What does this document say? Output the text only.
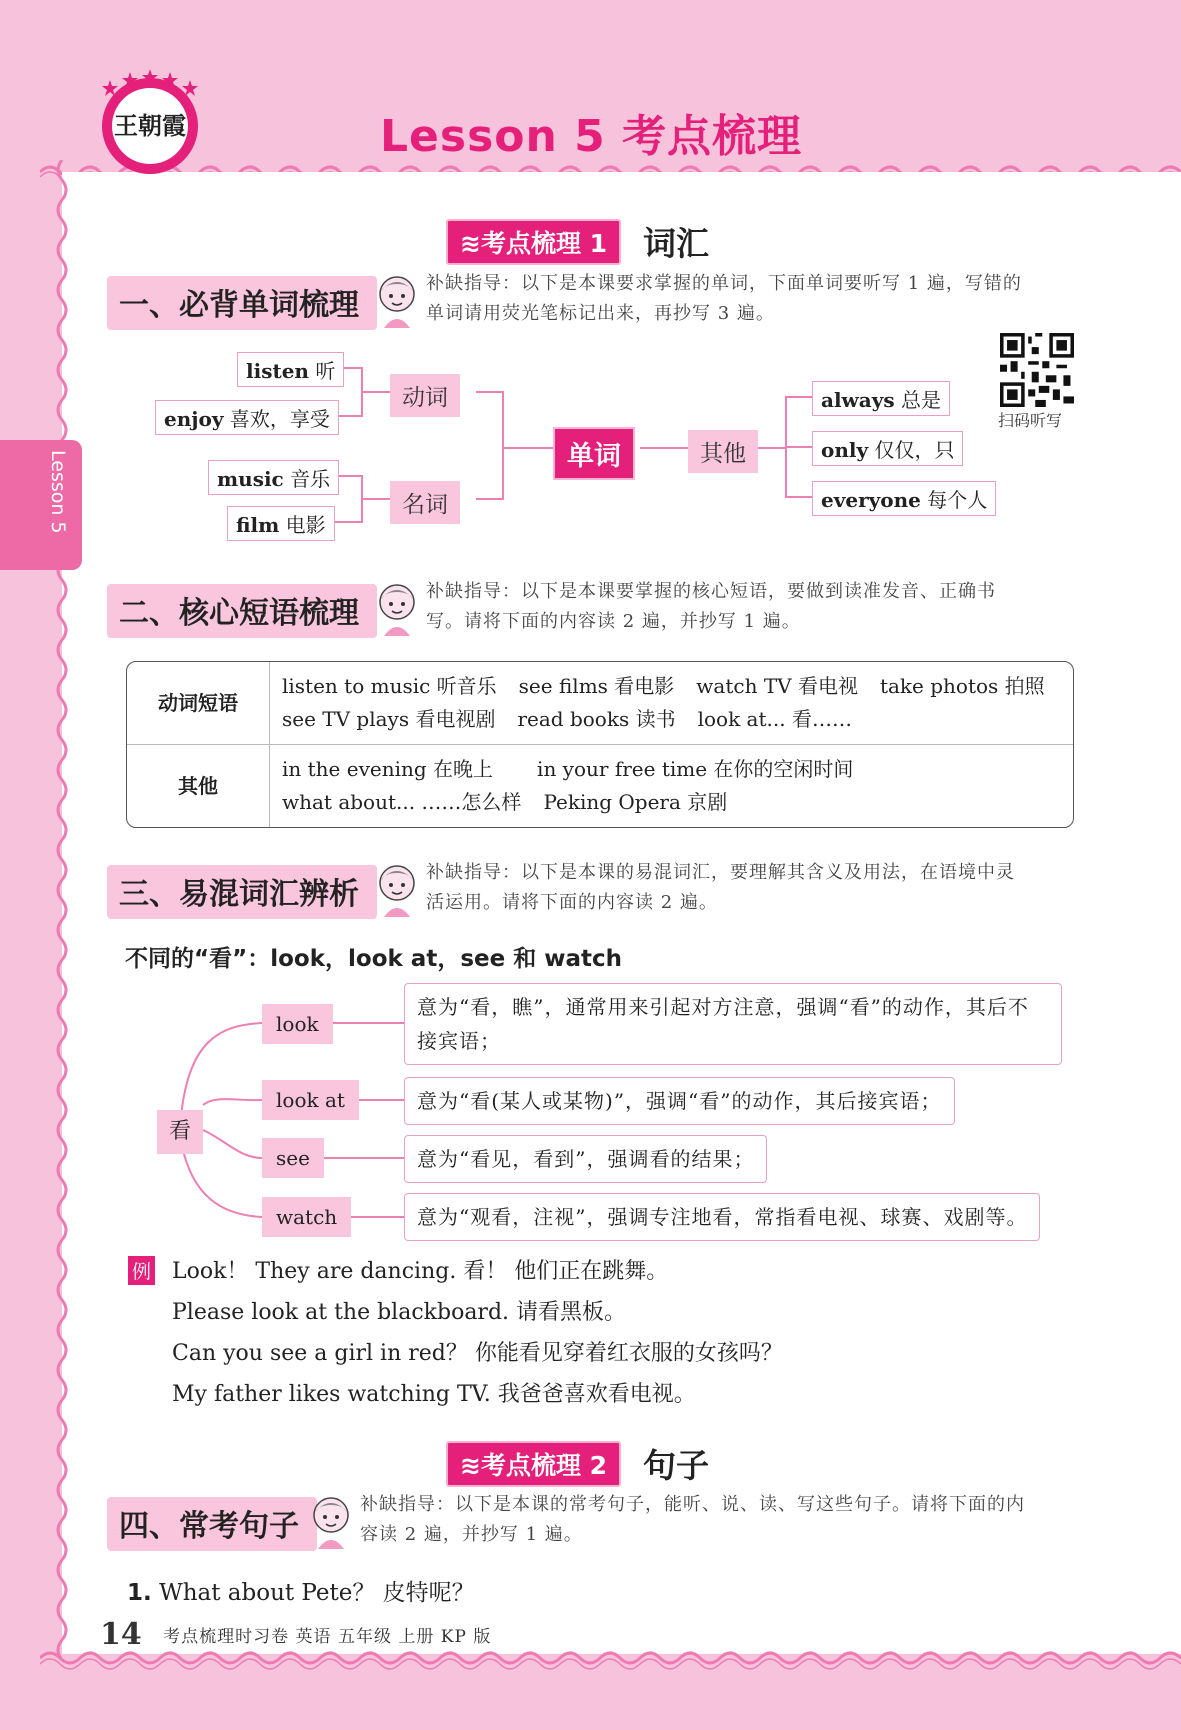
王朝霞	Lesson 5 考点梳理
Lesson 5
≋考点梳理 1	词汇
一、必背单词梳理
补缺指导：以下是本课要求掌握的单词，下面单词要听写 1 遍，写错的
单词请用荧光笔标记出来，再抄写 3 遍。
listen 听
enjoy 喜欢，享受
music 音乐
film 电影
动词
名词
单词	其他
always 总是
only 仅仅，只
everyone 每个人
扫码听写
二、核心短语梳理
补缺指导：以下是本课要掌握的核心短语，要做到读准发音、正确书
写。请将下面的内容读 2 遍，并抄写 1 遍。
动词短语	listen to music 听音乐 see films 看电影 watch TV 看电视 take photos 拍照
see TV plays 看电视剧 read books 读书 look at... 看……

其他	in the evening 在晚上 in your free time 在你的空闲时间
what about... ……怎么样 Peking Opera 京剧
三、易混词汇辨析
补缺指导：以下是本课的易混词汇，要理解其含义及用法，在语境中灵
活运用。请将下面的内容读 2 遍。
不同的“看”：look，look at，see 和 watch
看
look
look at
see
watch
意为“看，瞧”，通常用来引起对方注意，强调“看”的动作，其后不
接宾语；
意为“看(某人或某物)”，强调“看”的动作，其后接宾语；
意为“看见，看到”，强调看的结果；
意为“观看，注视”，强调专注地看，常指看电视、球赛、戏剧等。
例 Look！ They are dancing. 看！ 他们正在跳舞。
Please look at the blackboard. 请看黑板。
Can you see a girl in red？ 你能看见穿着红衣服的女孩吗？
My father likes watching TV. 我爸爸喜欢看电视。
≋考点梳理 2	句子
四、常考句子
补缺指导：以下是本课的常考句子，能听、说、读、写这些句子。请将下面的内
容读 2 遍，并抄写 1 遍。
1. What about Pete？ 皮特呢？
14 考点梳理时习卷 英语 五年级 上册 KP 版
